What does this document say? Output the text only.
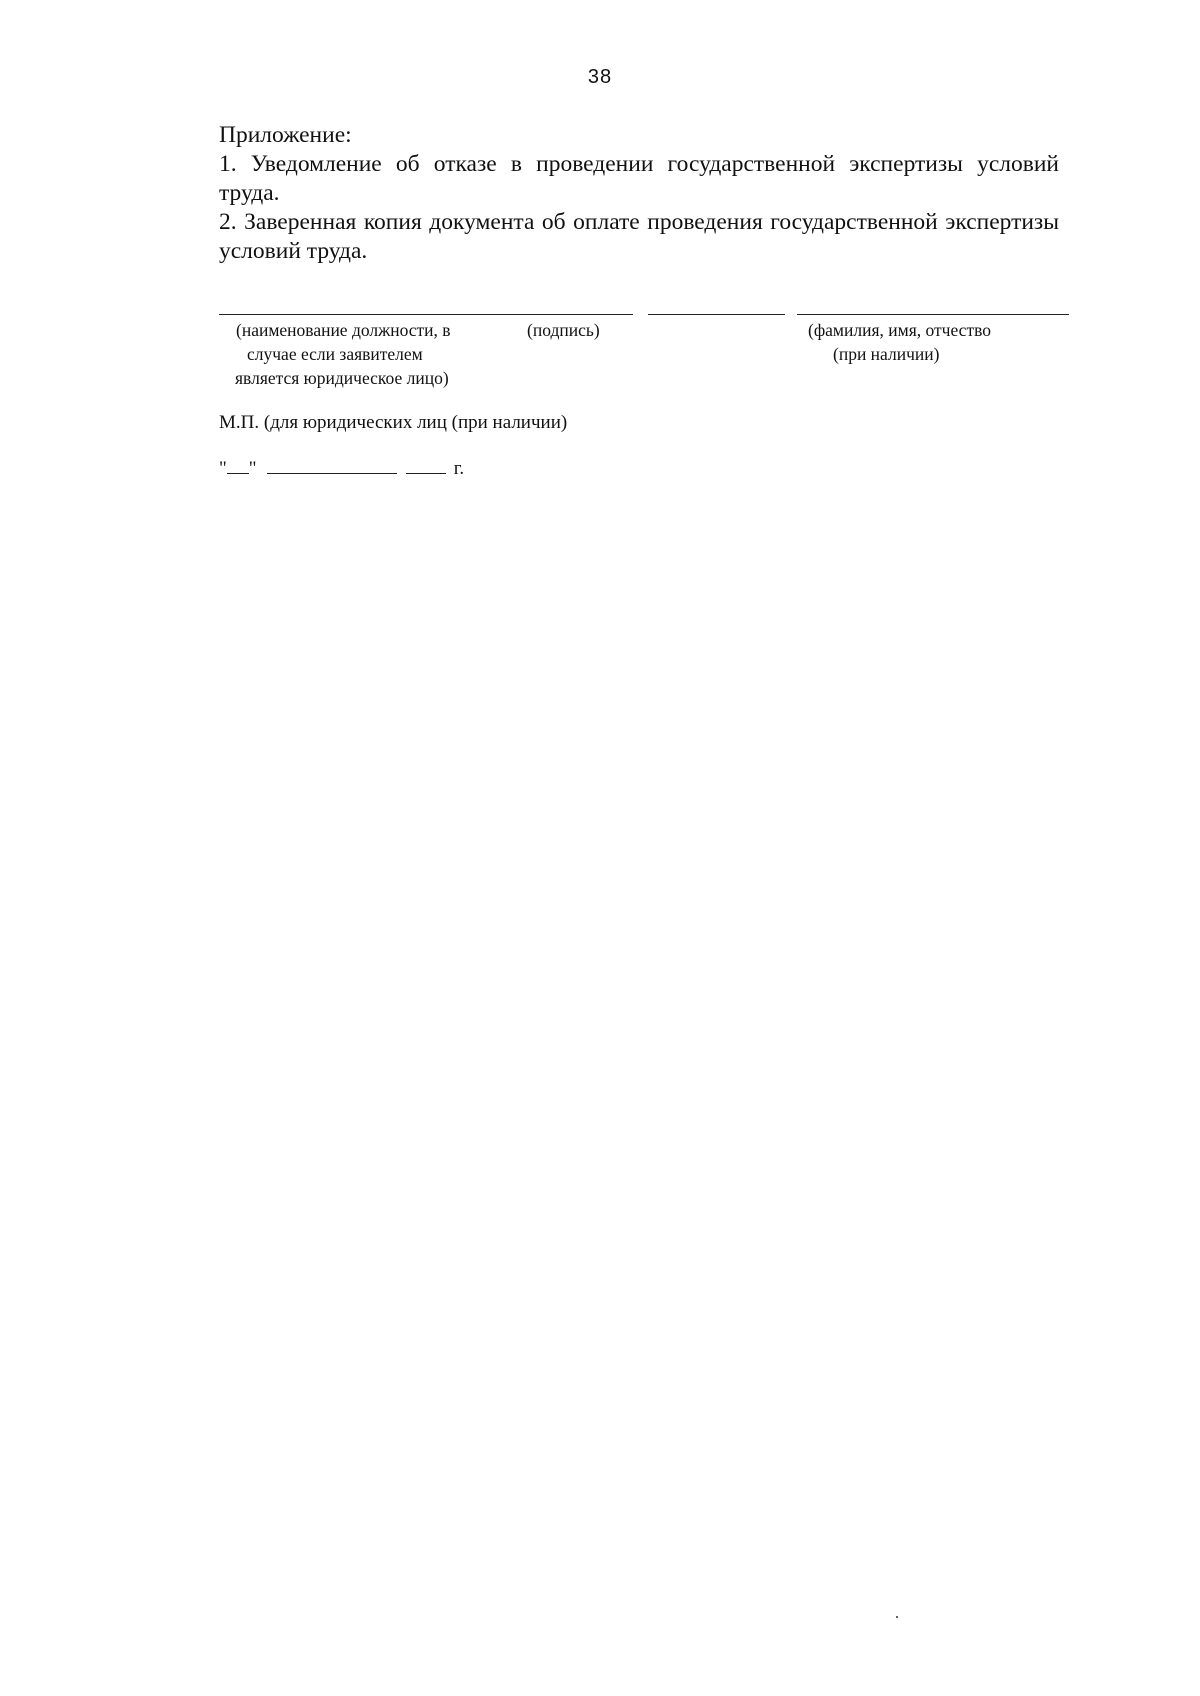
38

Приложение:

1. Уведомление об отказе в проведении государственной экспертизы условий труда.

2. Заверенная копия документа об оплате проведения государственной экспертизы условий труда.

(наименование должности, в
случае если заявителем
является юридическое лицо)
(подпись)	(фамилия, имя, отчество
(при наличии)
М.П. (для юридических лиц (при наличии)
" "	г.
